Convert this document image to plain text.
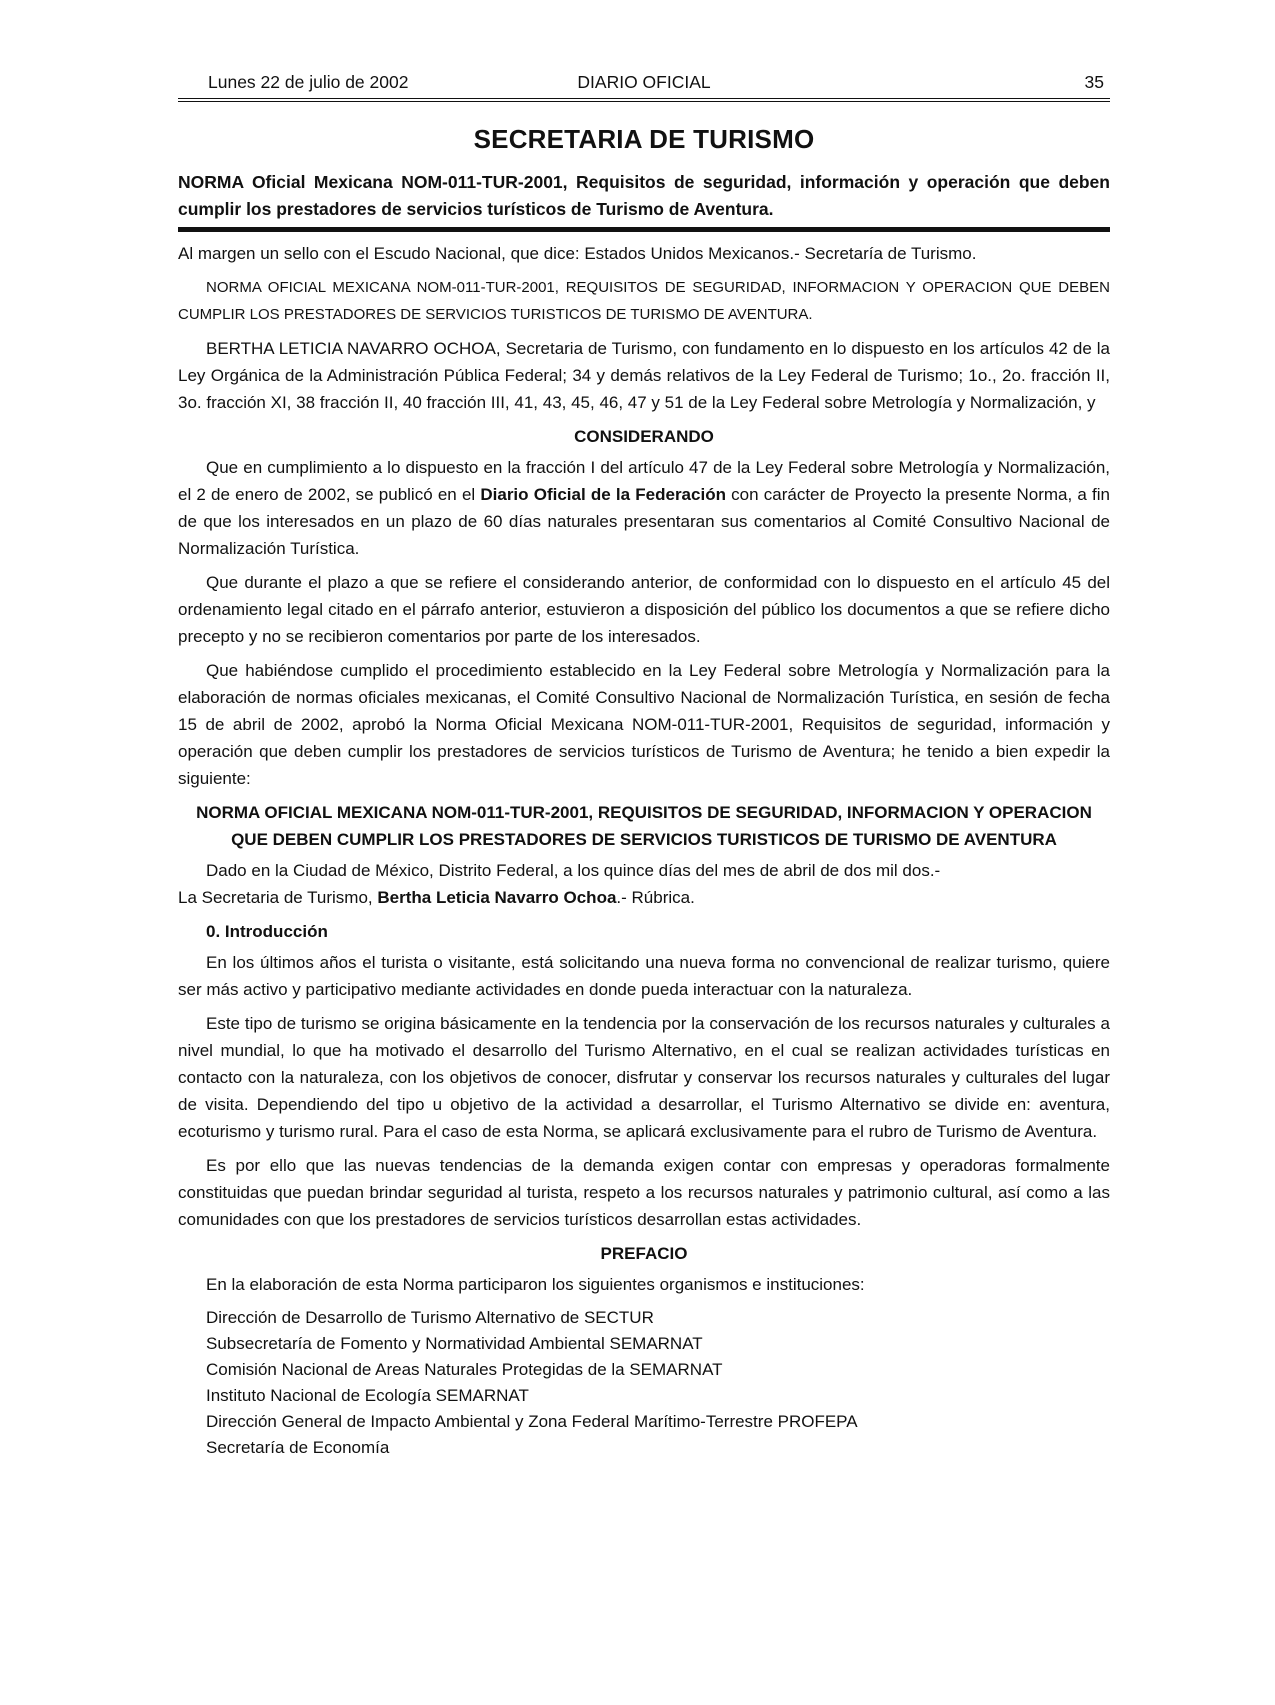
Lunes 22 de julio de 2002	DIARIO OFICIAL	35
SECRETARIA DE TURISMO

NORMA Oficial Mexicana NOM-011-TUR-2001, Requisitos de seguridad, información y operación que deben cumplir los prestadores de servicios turísticos de Turismo de Aventura.

Al margen un sello con el Escudo Nacional, que dice: Estados Unidos Mexicanos.- Secretaría de Turismo.

NORMA OFICIAL MEXICANA NOM-011-TUR-2001, REQUISITOS DE SEGURIDAD, INFORMACION Y OPERACION QUE DEBEN CUMPLIR LOS PRESTADORES DE SERVICIOS TURISTICOS DE TURISMO DE AVENTURA.

BERTHA LETICIA NAVARRO OCHOA, Secretaria de Turismo, con fundamento en lo dispuesto en los artículos 42 de la Ley Orgánica de la Administración Pública Federal; 34 y demás relativos de la Ley Federal de Turismo; 1o., 2o. fracción II, 3o. fracción XI, 38 fracción II, 40 fracción III, 41, 43, 45, 46, 47 y 51 de la Ley Federal sobre Metrología y Normalización, y

CONSIDERANDO

Que en cumplimiento a lo dispuesto en la fracción I del artículo 47 de la Ley Federal sobre Metrología y Normalización, el 2 de enero de 2002, se publicó en el Diario Oficial de la Federación con carácter de Proyecto la presente Norma, a fin de que los interesados en un plazo de 60 días naturales presentaran sus comentarios al Comité Consultivo Nacional de Normalización Turística.

Que durante el plazo a que se refiere el considerando anterior, de conformidad con lo dispuesto en el artículo 45 del ordenamiento legal citado en el párrafo anterior, estuvieron a disposición del público los documentos a que se refiere dicho precepto y no se recibieron comentarios por parte de los interesados.

Que habiéndose cumplido el procedimiento establecido en la Ley Federal sobre Metrología y Normalización para la elaboración de normas oficiales mexicanas, el Comité Consultivo Nacional de Normalización Turística, en sesión de fecha 15 de abril de 2002, aprobó la Norma Oficial Mexicana NOM-011-TUR-2001, Requisitos de seguridad, información y operación que deben cumplir los prestadores de servicios turísticos de Turismo de Aventura; he tenido a bien expedir la siguiente:

NORMA OFICIAL MEXICANA NOM-011-TUR-2001, REQUISITOS DE SEGURIDAD, INFORMACION Y OPERACION QUE DEBEN CUMPLIR LOS PRESTADORES DE SERVICIOS TURISTICOS DE TURISMO DE AVENTURA
Dado en la Ciudad de México, Distrito Federal, a los quince días del mes de abril de dos mil dos.-
La Secretaria de Turismo, Bertha Leticia Navarro Ochoa.- Rúbrica.
0. Introducción

En los últimos años el turista o visitante, está solicitando una nueva forma no convencional de realizar turismo, quiere ser más activo y participativo mediante actividades en donde pueda interactuar con la naturaleza.

Este tipo de turismo se origina básicamente en la tendencia por la conservación de los recursos naturales y culturales a nivel mundial, lo que ha motivado el desarrollo del Turismo Alternativo, en el cual se realizan actividades turísticas en contacto con la naturaleza, con los objetivos de conocer, disfrutar y conservar los recursos naturales y culturales del lugar de visita. Dependiendo del tipo u objetivo de la actividad a desarrollar, el Turismo Alternativo se divide en: aventura, ecoturismo y turismo rural. Para el caso de esta Norma, se aplicará exclusivamente para el rubro de Turismo de Aventura.

Es por ello que las nuevas tendencias de la demanda exigen contar con empresas y operadoras formalmente constituidas que puedan brindar seguridad al turista, respeto a los recursos naturales y patrimonio cultural, así como a las comunidades con que los prestadores de servicios turísticos desarrollan estas actividades.

PREFACIO

En la elaboración de esta Norma participaron los siguientes organismos e instituciones:

Dirección de Desarrollo de Turismo Alternativo de SECTUR
Subsecretaría de Fomento y Normatividad Ambiental SEMARNAT
Comisión Nacional de Areas Naturales Protegidas de la SEMARNAT
Instituto Nacional de Ecología SEMARNAT
Dirección General de Impacto Ambiental y Zona Federal Marítimo-Terrestre PROFEPA
Secretaría de Economía
